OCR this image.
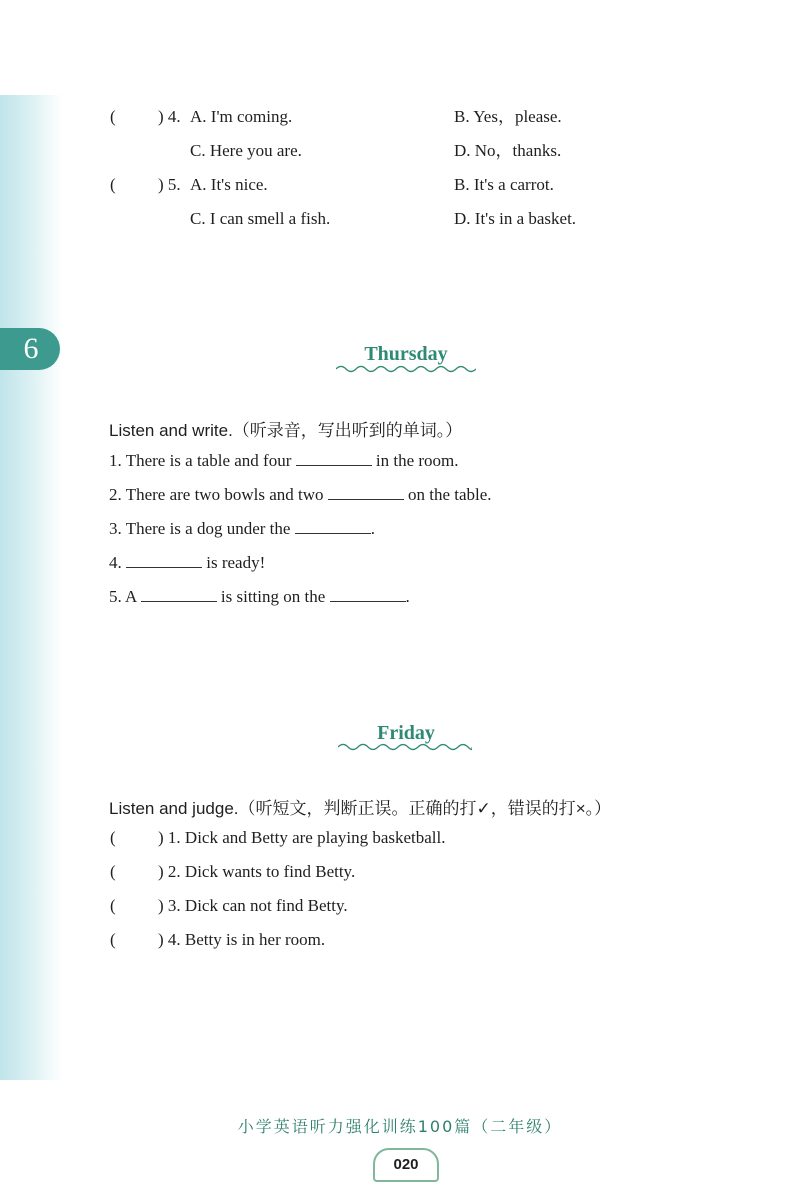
6
( ) 4. A. I'm coming.	B. Yes，please.
C. Here you are.	D. No，thanks.
( ) 5. A. It's nice.	B. It's a carrot.
C. I can smell a fish.	D. It's in a basket.
Thursday
Listen and write.（听录音，写出听到的单词。）
1. There is a table and four	in the room.
2. There are two bowls and two	on the table.
3. There is a dog under the	.
4.	is ready!
5. A	is sitting on the	.
Friday
Listen and judge.（听短文，判断正误。正确的打✓，错误的打×。）
( ) 1. Dick and Betty are playing basketball.
( ) 2. Dick wants to find Betty.
( ) 3. Dick can not find Betty.
( ) 4. Betty is in her room.
小学英语听力强化训练100篇（二年级）
020
